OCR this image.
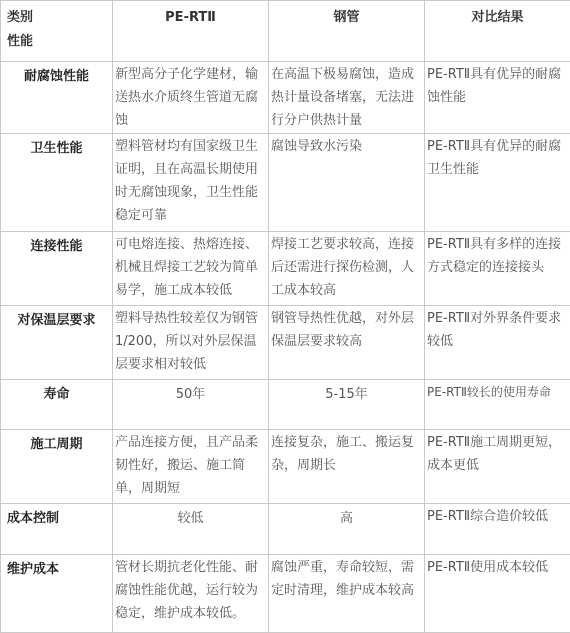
类别
性能	PE-RTⅡ	钢管	对比结果
耐腐蚀性能	新型高分子化学建材，输送热水介质终生管道无腐蚀	在高温下极易腐蚀，造成热计量设备堵塞，无法进行分户供热计量	PE-RTⅡ具有优异的耐腐蚀性能
卫生性能	塑料管材均有国家级卫生证明，且在高温长期使用时无腐蚀现象，卫生性能稳定可靠	腐蚀导致水污染	PE-RTⅡ具有优异的耐腐卫生性能
连接性能	可电熔连接、热熔连接、机械且焊接工艺较为简单易学，施工成本较低	焊接工艺要求较高，连接后还需进行探伤检测，人工成本较高	PE-RTⅡ具有多样的连接方式稳定的连接接头
对保温层要求	塑料导热性较差仅为钢管1/200，所以对外层保温层要求相对较低	钢管导热性优越，对外层保温层要求较高	PE-RTⅡ对外界条件要求较低
寿命	50年	5-15年	PE-RTⅡ较长的使用寿命
施工周期	产品连接方便，且产品柔韧性好，搬运、施工简单，周期短	连接复杂，施工、搬运复杂，周期长	PE-RTⅡ施工周期更短，成本更低
成本控制	较低	高	PE-RTⅡ综合造价较低
维护成本	管材长期抗老化性能、耐腐蚀性能优越，运行较为稳定，维护成本较低。	腐蚀严重，寿命较短，需定时清理，维护成本较高	PE-RTⅡ使用成本较低
